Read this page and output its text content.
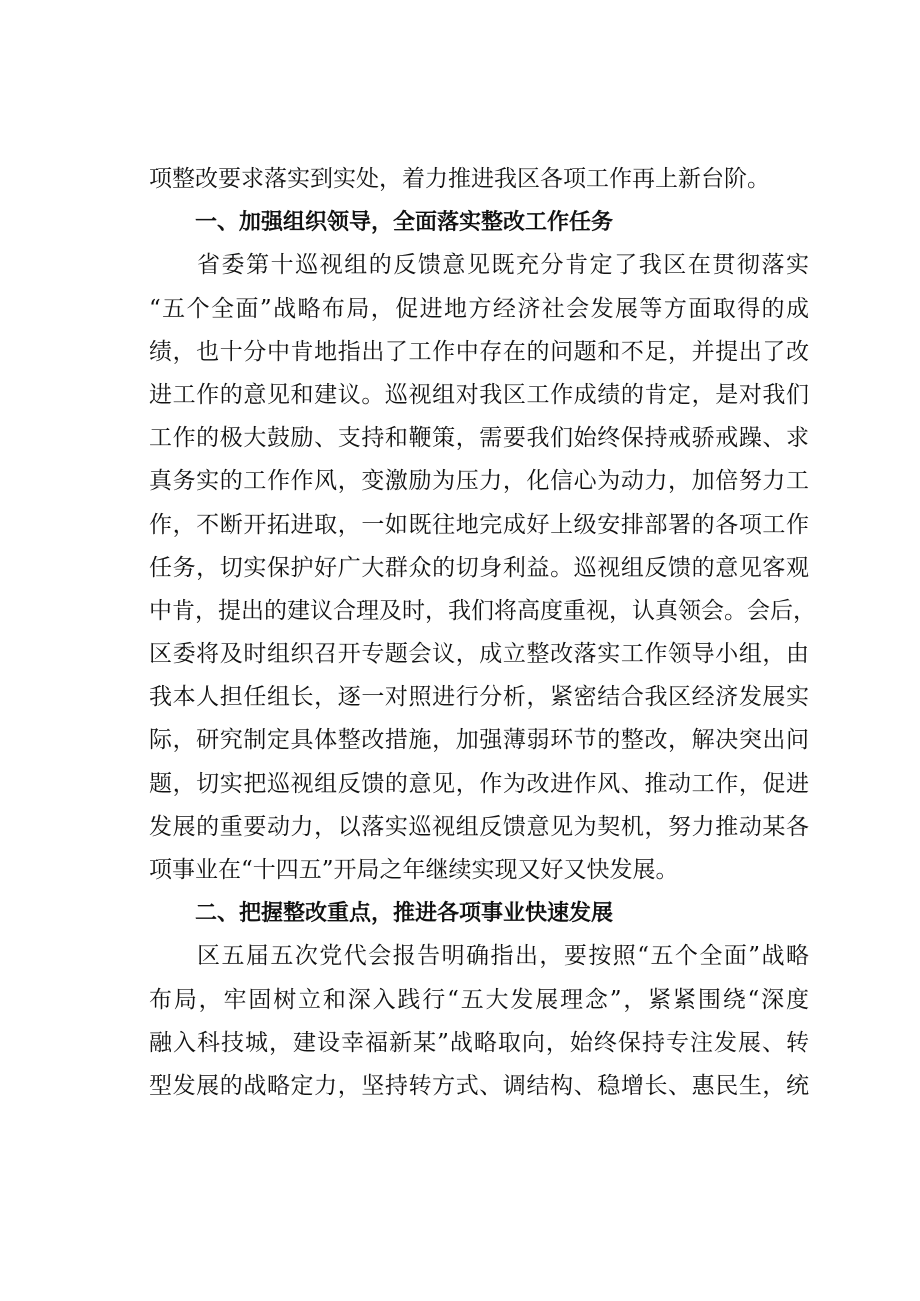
项整改要求落实到实处，着力推进我区各项工作再上新台阶。
一、加强组织领导，全面落实整改工作任务
省委第十巡视组的反馈意见既充分肯定了我区在贯彻落实
“五个全面”战略布局，促进地方经济社会发展等方面取得的成
绩，也十分中肯地指出了工作中存在的问题和不足，并提出了改
进工作的意见和建议。巡视组对我区工作成绩的肯定，是对我们
工作的极大鼓励、支持和鞭策，需要我们始终保持戒骄戒躁、求
真务实的工作作风，变激励为压力，化信心为动力，加倍努力工
作，不断开拓进取，一如既往地完成好上级安排部署的各项工作
任务，切实保护好广大群众的切身利益。巡视组反馈的意见客观
中肯，提出的建议合理及时，我们将高度重视，认真领会。会后，
区委将及时组织召开专题会议，成立整改落实工作领导小组，由
我本人担任组长，逐一对照进行分析，紧密结合我区经济发展实
际，研究制定具体整改措施，加强薄弱环节的整改，解决突出问
题，切实把巡视组反馈的意见，作为改进作风、推动工作，促进
发展的重要动力，以落实巡视组反馈意见为契机，努力推动某各
项事业在“十四五”开局之年继续实现又好又快发展。
二、把握整改重点，推进各项事业快速发展
区五届五次党代会报告明确指出，要按照“五个全面”战略
布局，牢固树立和深入践行“五大发展理念”，紧紧围绕“深度
融入科技城，建设幸福新某”战略取向，始终保持专注发展、转
型发展的战略定力，坚持转方式、调结构、稳增长、惠民生，统
